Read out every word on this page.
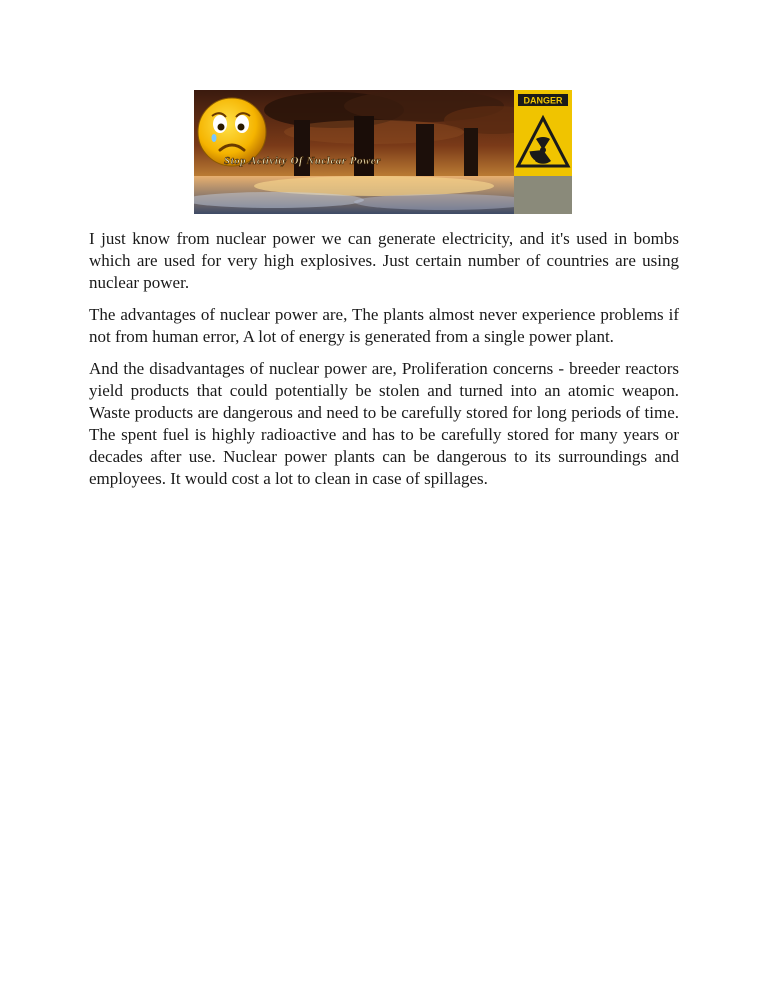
Stop Activity Of Nuclear Power
DANGER

I just know from nuclear power we can generate electricity, and it's used in bombs which are used for very high explosives. Just certain number of countries are using nuclear power.

The advantages of nuclear power are, The plants almost never experience problems if not from human error, A lot of energy is generated from a single power plant.

And the disadvantages of nuclear power are, Proliferation concerns - breeder reactors yield products that could potentially be stolen and turned into an atomic weapon. Waste products are dangerous and need to be carefully stored for long periods of time. The spent fuel is highly radioactive and has to be carefully stored for many years or decades after use. Nuclear power plants can be dangerous to its surroundings and employees. It would cost a lot to clean in case of spillages.
